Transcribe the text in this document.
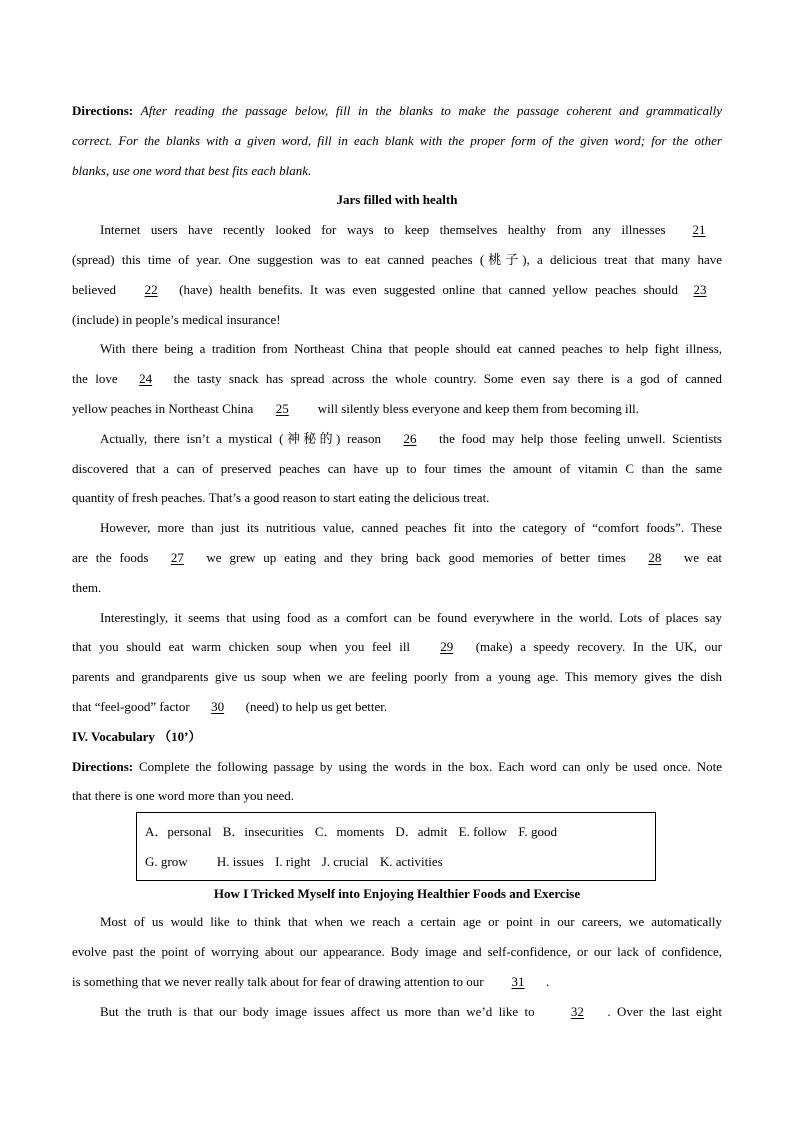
Directions: After reading the passage below, fill in the blanks to make the passage coherent and grammatically
correct. For the blanks with a given word, fill in each blank with the proper form of the given word; for the other
blanks, use one word that best fits each blank.
Jars filled with health
Internet users have recently looked for ways to keep themselves healthy from any illnesses 21
(spread) this time of year. One suggestion was to eat canned peaches (桃子), a delicious treat that many have
believed 22 (have) health benefits. It was even suggested online that canned yellow peaches should 23
(include) in people’s medical insurance!
With there being a tradition from Northeast China that people should eat canned peaches to help fight illness,
the love 24 the tasty snack has spread across the whole country. Some even say there is a god of canned
yellow peaches in Northeast China 25 will silently bless everyone and keep them from becoming ill.
Actually, there isn’t a mystical (神秘的) reason 26 the food may help those feeling unwell. Scientists
discovered that a can of preserved peaches can have up to four times the amount of vitamin C than the same
quantity of fresh peaches. That’s a good reason to start eating the delicious treat.
However, more than just its nutritious value, canned peaches fit into the category of “comfort foods”. These
are the foods 27 we grew up eating and they bring back good memories of better times 28 we eat
them.
Interestingly, it seems that using food as a comfort can be found everywhere in the world. Lots of places say
that you should eat warm chicken soup when you feel ill 29 (make) a speedy recovery. In the UK, our
parents and grandparents give us soup when we are feeling poorly from a young age. This memory gives the dish
that “feel-good” factor 30 (need) to help us get better.
IV. Vocabulary （10’）
Directions: Complete the following passage by using the words in the box. Each word can only be used once. Note
that there is one word more than you need.
A．personal B．insecurities C．moments D．admit E. follow F. good
G. grow H. issues I. right J. crucial K. activities
How I Tricked Myself into Enjoying Healthier Foods and Exercise
Most of us would like to think that when we reach a certain age or point in our careers, we automatically
evolve past the point of worrying about our appearance. Body image and self-confidence, or our lack of confidence,
is something that we never really talk about for fear of drawing attention to our 31 .
But the truth is that our body image issues affect us more than we’d like to	32 . Over the last eight
